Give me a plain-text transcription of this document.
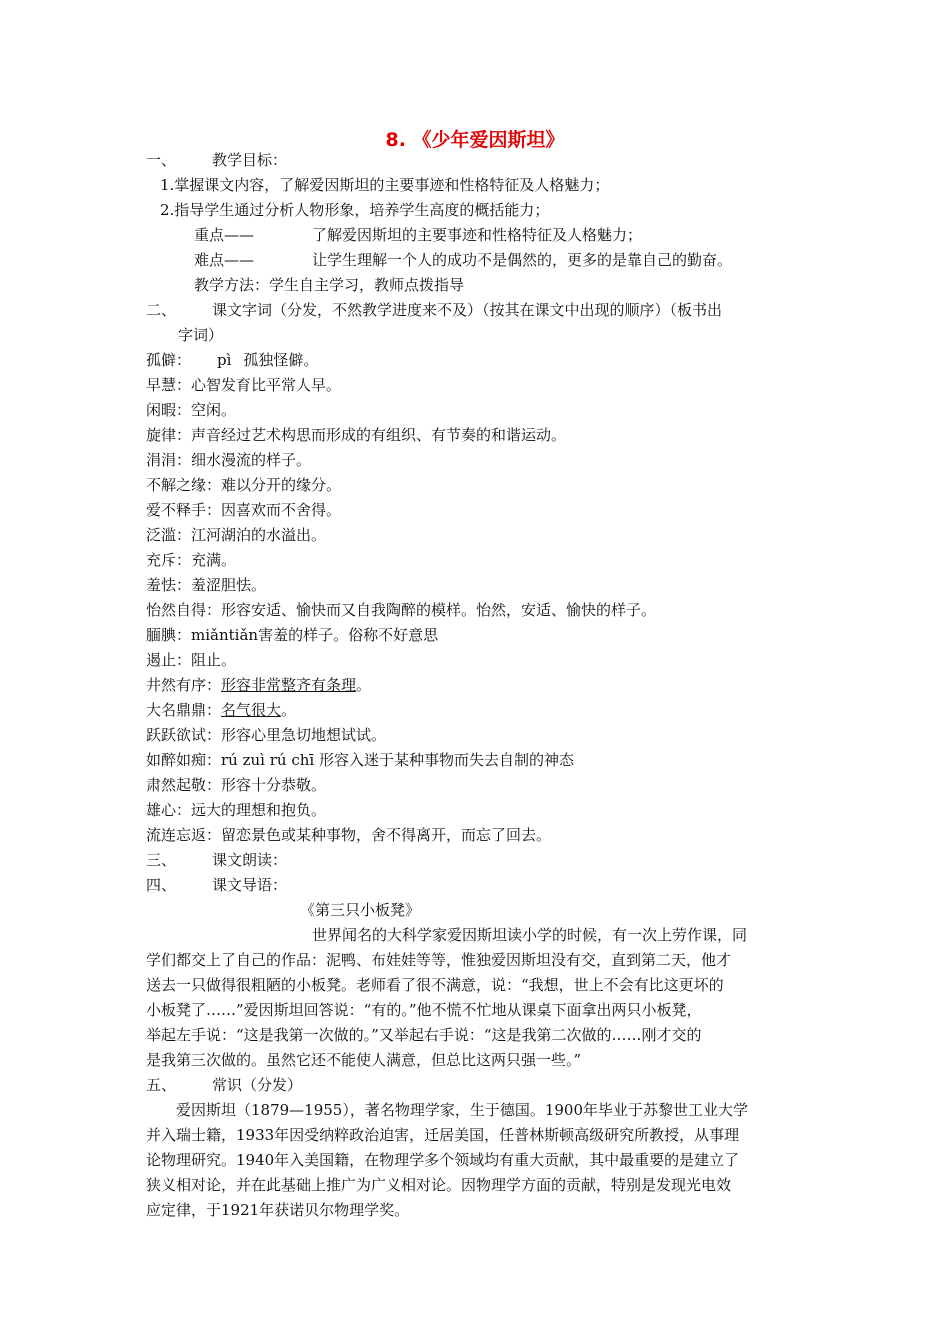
8. 《少年爱因斯坦》
一、 教学目标：
1.掌握课文内容，了解爱因斯坦的主要事迹和性格特征及人格魅力；
2.指导学生通过分析人物形象，培养学生高度的概括能力；
重点——	了解爱因斯坦的主要事迹和性格特征及人格魅力；
难点——	让学生理解一个人的成功不是偶然的，更多的是靠自己的勤奋。
教学方法：学生自主学习，教师点拨指导
二、 课文字词（分发，不然教学进度来不及）（按其在课文中出现的顺序）（板书出
字词）
孤僻： pì 孤独怪僻。
早慧：心智发育比平常人早。
闲暇：空闲。
旋律：声音经过艺术构思而形成的有组织、有节奏的和谐运动。
涓涓：细水漫流的样子。
不解之缘：难以分开的缘分。
爱不释手：因喜欢而不舍得。
泛滥：江河湖泊的水溢出。
充斥：充满。
羞怯：羞涩胆怯。
怡然自得：形容安适、愉快而又自我陶醉的模样。怡然，安适、愉快的样子。
腼腆：miǎntiǎn害羞的样子。俗称不好意思
遏止：阻止。
井然有序：形容非常整齐有条理。
大名鼎鼎：名气很大。
跃跃欲试：形容心里急切地想试试。
如醉如痴：rú zuì rú chī 形容入迷于某种事物而失去自制的神态
肃然起敬：形容十分恭敬。
雄心：远大的理想和抱负。
流连忘返：留恋景色或某种事物，舍不得离开，而忘了回去。
三、 课文朗读：
四、 课文导语：
《第三只小板凳》
世界闻名的大科学家爱因斯坦读小学的时候，有一次上劳作课，同
学们都交上了自己的作品：泥鸭、布娃娃等等，惟独爱因斯坦没有交，直到第二天，他才
送去一只做得很粗陋的小板凳。老师看了很不满意，说：“我想，世上不会有比这更坏的
小板凳了……”爱因斯坦回答说：“有的。”他不慌不忙地从课桌下面拿出两只小板凳，
举起左手说：“这是我第一次做的。”又举起右手说：“这是我第二次做的……刚才交的
是我第三次做的。虽然它还不能使人满意，但总比这两只强一些。”
五、 常识（分发）
爱因斯坦（1879—1955），著名物理学家，生于德国。1900年毕业于苏黎世工业大学
并入瑞士籍，1933年因受纳粹政治迫害，迁居美国，任普林斯顿高级研究所教授，从事理
论物理研究。1940年入美国籍，在物理学多个领域均有重大贡献，其中最重要的是建立了
狭义相对论，并在此基础上推广为广义相对论。因物理学方面的贡献，特别是发现光电效
应定律，于1921年获诺贝尔物理学奖。
